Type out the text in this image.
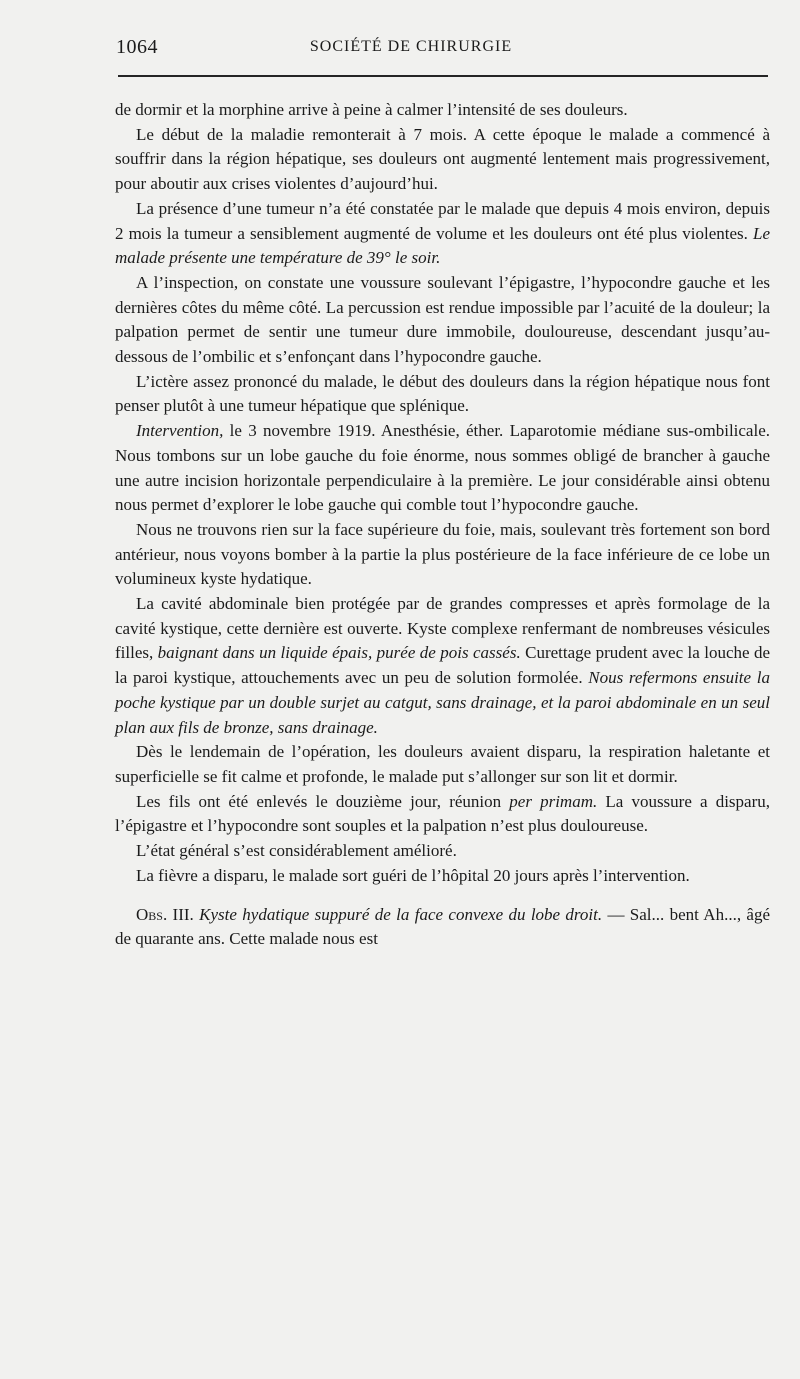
1064	SOCIÉTÉ DE CHIRURGIE

de dormir et la morphine arrive à peine à calmer l’intensité de ses douleurs.

Le début de la maladie remonterait à 7 mois. A cette époque le malade a commencé à souffrir dans la région hépatique, ses douleurs ont augmenté lentement mais progressivement, pour aboutir aux crises violentes d’aujourd’hui.

La présence d’une tumeur n’a été constatée par le malade que depuis 4 mois environ, depuis 2 mois la tumeur a sensiblement augmenté de volume et les douleurs ont été plus violentes. Le malade présente une température de 39° le soir.

A l’inspection, on constate une voussure soulevant l’épigastre, l’hypocondre gauche et les dernières côtes du même côté. La percussion est rendue impossible par l’acuité de la douleur; la palpation permet de sentir une tumeur dure immobile, douloureuse, descendant jusqu’au-dessous de l’ombilic et s’enfonçant dans l’hypocondre gauche.

L’ictère assez prononcé du malade, le début des douleurs dans la région hépatique nous font penser plutôt à une tumeur hépatique que splénique.

Intervention, le 3 novembre 1919. Anesthésie, éther. Laparotomie médiane sus-ombilicale. Nous tombons sur un lobe gauche du foie énorme, nous sommes obligé de brancher à gauche une autre incision horizontale perpendiculaire à la première. Le jour considérable ainsi obtenu nous permet d’explorer le lobe gauche qui comble tout l’hypocondre gauche.

Nous ne trouvons rien sur la face supérieure du foie, mais, soulevant très fortement son bord antérieur, nous voyons bomber à la partie la plus postérieure de la face inférieure de ce lobe un volumineux kyste hydatique.

La cavité abdominale bien protégée par de grandes compresses et après formolage de la cavité kystique, cette dernière est ouverte. Kyste complexe renfermant de nombreuses vésicules filles, baignant dans un liquide épais, purée de pois cassés. Curettage prudent avec la louche de la paroi kystique, attouchements avec un peu de solution formolée. Nous refermons ensuite la poche kystique par un double surjet au catgut, sans drainage, et la paroi abdominale en un seul plan aux fils de bronze, sans drainage.

Dès le lendemain de l’opération, les douleurs avaient disparu, la respiration haletante et superficielle se fit calme et profonde, le malade put s’allonger sur son lit et dormir.

Les fils ont été enlevés le douzième jour, réunion per primam. La voussure a disparu, l’épigastre et l’hypocondre sont souples et la palpation n’est plus douloureuse.

L’état général s’est considérablement amélioré.

La fièvre a disparu, le malade sort guéri de l’hôpital 20 jours après l’intervention.

Obs. III. Kyste hydatique suppuré de la face convexe du lobe droit. — Sal... bent Ah..., âgé de quarante ans. Cette malade nous est
